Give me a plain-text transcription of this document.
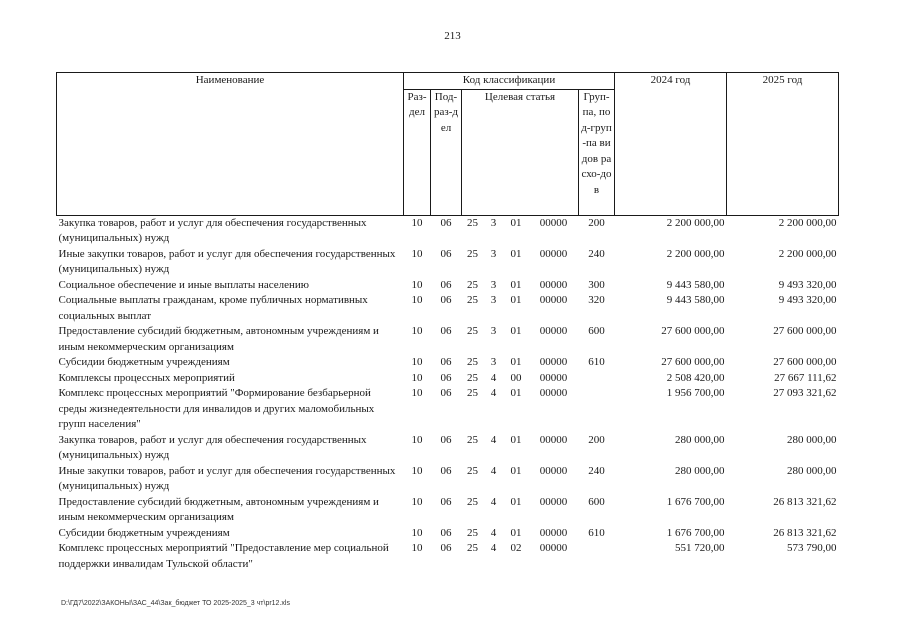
213
Наименование	Код классификации							2024 год	2025 год
	Раз-дел	Под-раз-дел	Целевая статья				Груп-па, под-груп-па видов расхо-дов		
Закупка товаров, работ и услуг для обеспечения государственных (муниципальных) нужд	10	06	25	3	01	00000	200	2 200 000,00	2 200 000,00
Иные закупки товаров, работ и услуг для обеспечения государственных (муниципальных) нужд	10	06	25	3	01	00000	240	2 200 000,00	2 200 000,00
Социальное обеспечение и иные выплаты населению	10	06	25	3	01	00000	300	9 443 580,00	9 493 320,00
Социальные выплаты гражданам, кроме публичных нормативных социальных выплат	10	06	25	3	01	00000	320	9 443 580,00	9 493 320,00
Предоставление субсидий бюджетным, автономным учреждениям и иным некоммерческим организациям	10	06	25	3	01	00000	600	27 600 000,00	27 600 000,00
Субсидии бюджетным учреждениям	10	06	25	3	01	00000	610	27 600 000,00	27 600 000,00
Комплексы процессных мероприятий	10	06	25	4	00	00000		2 508 420,00	27 667 111,62
Комплекс процессных мероприятий "Формирование безбарьерной среды жизнедеятельности для инвалидов и других маломобильных групп населения"	10	06	25	4	01	00000		1 956 700,00	27 093 321,62
Закупка товаров, работ и услуг для обеспечения государственных (муниципальных) нужд	10	06	25	4	01	00000	200	280 000,00	280 000,00
Иные закупки товаров, работ и услуг для обеспечения государственных (муниципальных) нужд	10	06	25	4	01	00000	240	280 000,00	280 000,00
Предоставление субсидий бюджетным, автономным учреждениям и иным некоммерческим организациям	10	06	25	4	01	00000	600	1 676 700,00	26 813 321,62
Субсидии бюджетным учреждениям	10	06	25	4	01	00000	610	1 676 700,00	26 813 321,62
Комплекс процессных мероприятий "Предоставление мер социальной поддержки инвалидам Тульской области"	10	06	25	4	02	00000		551 720,00	573 790,00
D:\ГД7\2022\ЗАКОНЫ\ЗАС_44\Зак_бюджет ТО 2025-2025_3 чт\pr12.xls
